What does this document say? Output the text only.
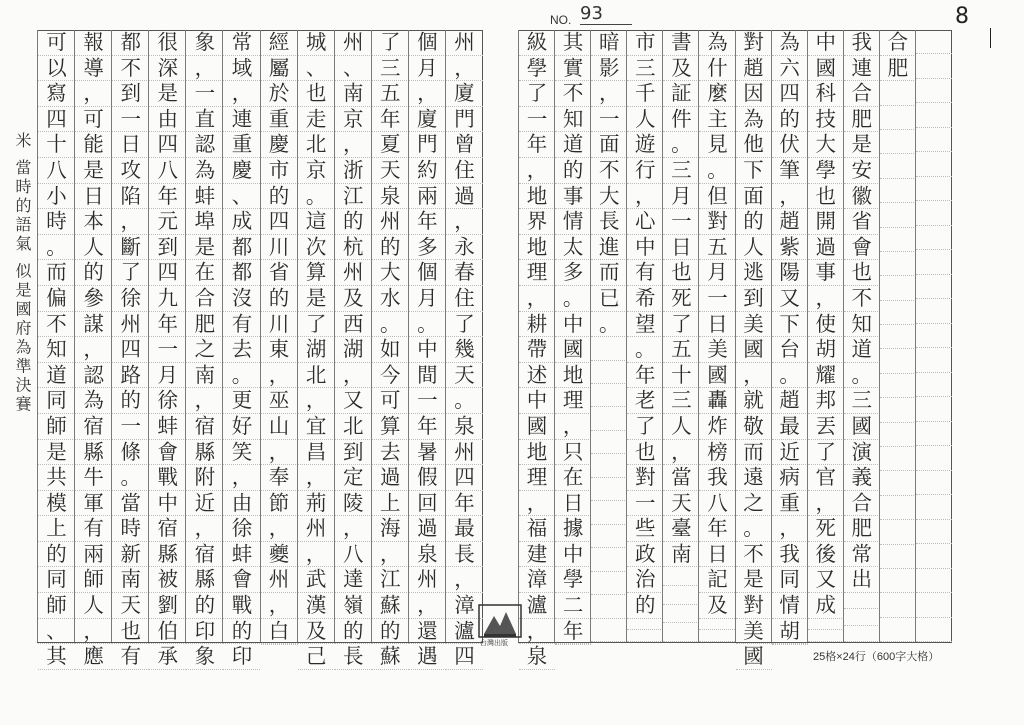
NO. 93	8
米 當時的語氣 似是國府為準決賽
可
以
寫
四
十
八
小
時
。
而
偏
不
知
道
同
師
是
共
模
上
的
同
師
、
其
報
導
，
可
能
是
日
本
人
的
參
謀
，
認
為
宿
縣
牛
軍
有
兩
師
人
，
應
都
不
到
一
日
攻
陷
，
斷
了
徐
州
四
路
的
一
條
。
當
時
新
南
天
也
有
很
深
是
由
四
八
年
元
到
四
九
年
一
月
徐
蚌
會
戰
中
宿
縣
被
劉
伯
承
象
，
一
直
認
為
蚌
埠
是
在
合
肥
之
南
，
宿
縣
附
近
，
宿
縣
的
印
象
常
域
，
連
重
慶
、
成
都
都
沒
有
去
。
更
好
笑
，
由
徐
蚌
會
戰
的
印
經
屬
於
重
慶
市
的
四
川
省
的
川
東
，
巫
山
，
奉
節
，
夔
州
，
白
城
、
也
走
北
京
。
這
次
算
是
了
湖
北
，
宜
昌
，
荊
州
，
武
漢
及
己
州
、
南
京
，
浙
江
的
杭
州
及
西
湖
，
又
北
到
定
陵
，
八
達
嶺
的
長
了
三
五
年
夏
天
泉
州
的
大
水
。
如
今
可
算
去
過
上
海
，
江
蘇
的
蘇
個
月
，
廈
門
約
兩
年
多
個
月
。
中
間
一
年
暑
假
回
過
泉
州
，
還
遇
州
，
廈
門
曾
住
過
，
永
春
住
了
幾
天
。
泉
州
四
年
最
長
，
漳
瀘
四
級
學
了
一
年
，
地
界
地
理
，
耕
帶
述
中
國
地
理
，
福
建
漳
瀘
，
泉
其
實
不
知
道
的
事
情
太
多
。
中
國
地
理
，
只
在
日
據
中
學
二
年
暗
影
，
一
面
不
大
長
進
而
已
。
市
三
千
人
遊
行
，
心
中
有
希
望
。
年
老
了
也
對
一
些
政
治
的
書
及
証
件
。
三
月
一
日
也
死
了
五
十
三
人
，
當
天
臺
南
為
什
麼
主
見
。
但
對
五
月
一
日
美
國
轟
炸
榜
我
八
年
日
記
及
對
趙
因
為
他
下
面
的
人
逃
到
美
國
，
就
敬
而
遠
之
。
不
是
對
美
國
為
六
四
的
伏
筆
，
趙
紫
陽
又
下
台
。
趙
最
近
病
重
，
我
同
情
胡
中
國
科
技
大
學
也
開
過
事
，
使
胡
耀
邦
丟
了
官
，
死
後
又
成
我
連
合
肥
是
安
徽
省
會
也
不
知
道
。
三
國
演
義
合
肥
常
出
合
肥
台灣出版
25格×24行（600字大格）
